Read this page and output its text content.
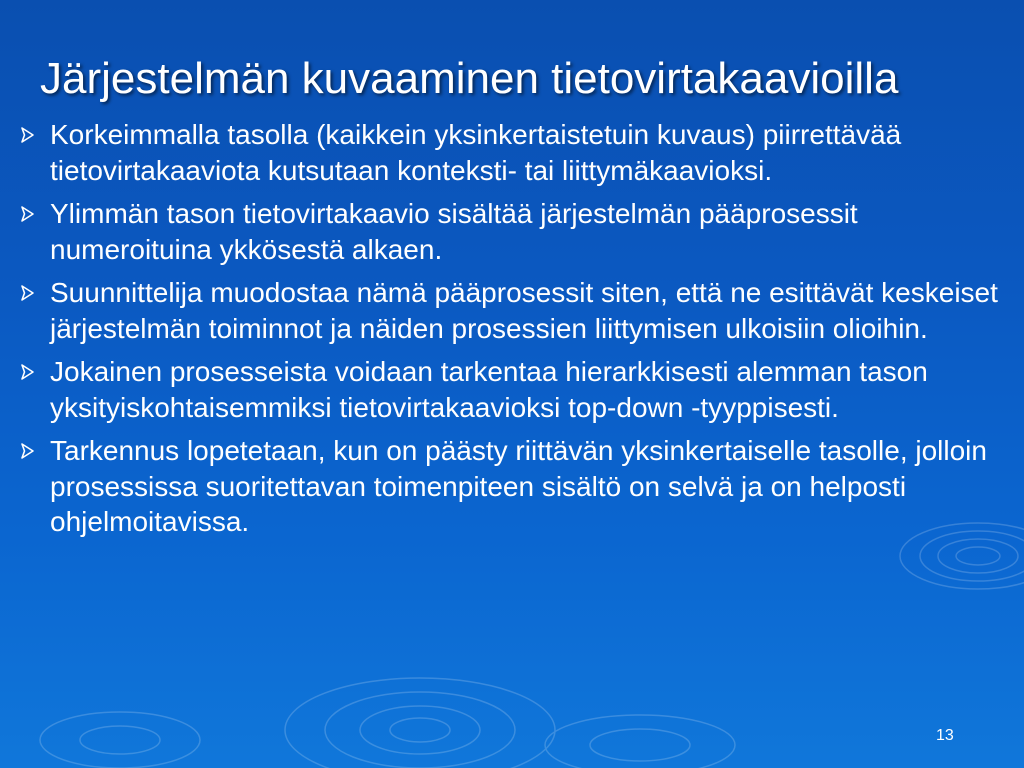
Järjestelmän kuvaaminen tietovirtakaavioilla
Korkeimmalla tasolla (kaikkein yksinkertaistetuin kuvaus) piirrettävää tietovirtakaaviota kutsutaan konteksti- tai liittymäkaavioksi.
Ylimmän tason tietovirtakaavio sisältää järjestelmän pääprosessit numeroituina ykkösestä alkaen.
Suunnittelija muodostaa nämä pääprosessit siten, että ne esittävät keskeiset järjestelmän toiminnot ja näiden prosessien liittymisen ulkoisiin olioihin.
Jokainen prosesseista voidaan tarkentaa hierarkkisesti alemman tason yksityiskohtaisemmiksi tietovirtakaavioksi top-down -tyyppisesti.
Tarkennus lopetetaan, kun on päästy riittävän yksinkertaiselle tasolle, jolloin prosessissa suoritettavan toimenpiteen sisältö on selvä ja on helposti ohjelmoitavissa.
13
